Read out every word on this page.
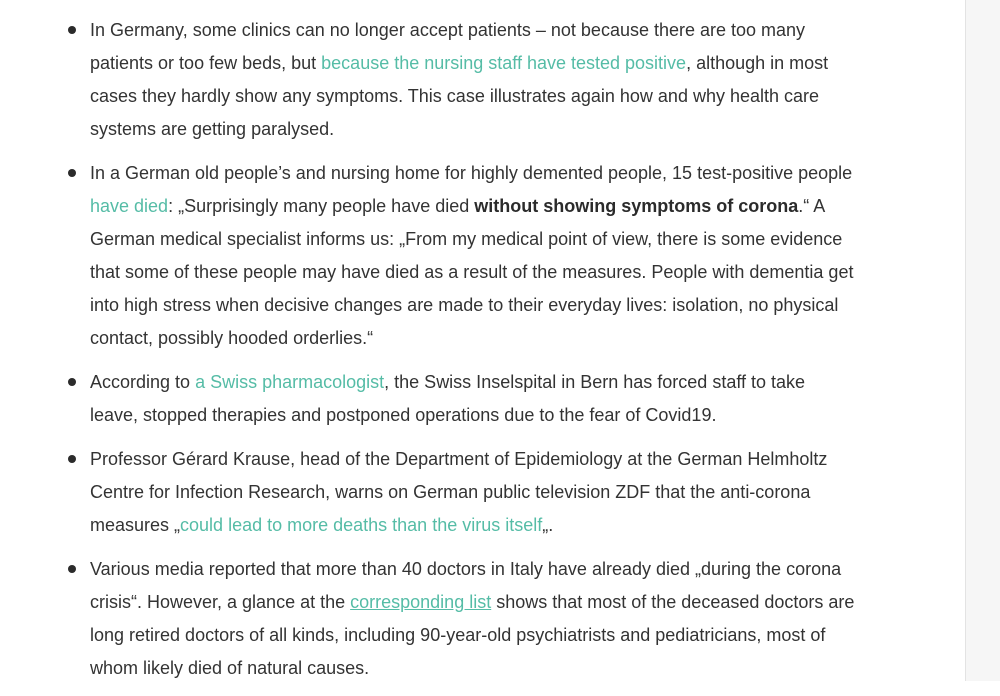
In Germany, some clinics can no longer accept patients – not because there are too many patients or too few beds, but because the nursing staff have tested positive, although in most cases they hardly show any symptoms. This case illustrates again how and why health care systems are getting paralysed.
In a German old people’s and nursing home for highly demented people, 15 test-positive people have died: „Surprisingly many people have died without showing symptoms of corona.“ A German medical specialist informs us: „From my medical point of view, there is some evidence that some of these people may have died as a result of the measures. People with dementia get into high stress when decisive changes are made to their everyday lives: isolation, no physical contact, possibly hooded orderlies.“
According to a Swiss pharmacologist, the Swiss Inselspital in Bern has forced staff to take leave, stopped therapies and postponed operations due to the fear of Covid19.
Professor Gérard Krause, head of the Department of Epidemiology at the German Helmholtz Centre for Infection Research, warns on German public television ZDF that the anti-corona measures „could lead to more deaths than the virus itself„.
Various media reported that more than 40 doctors in Italy have already died „during the corona crisis“. However, a glance at the corresponding list shows that most of the deceased doctors are long retired doctors of all kinds, including 90-year-old psychiatrists and pediatricians, most of whom likely died of natural causes.
